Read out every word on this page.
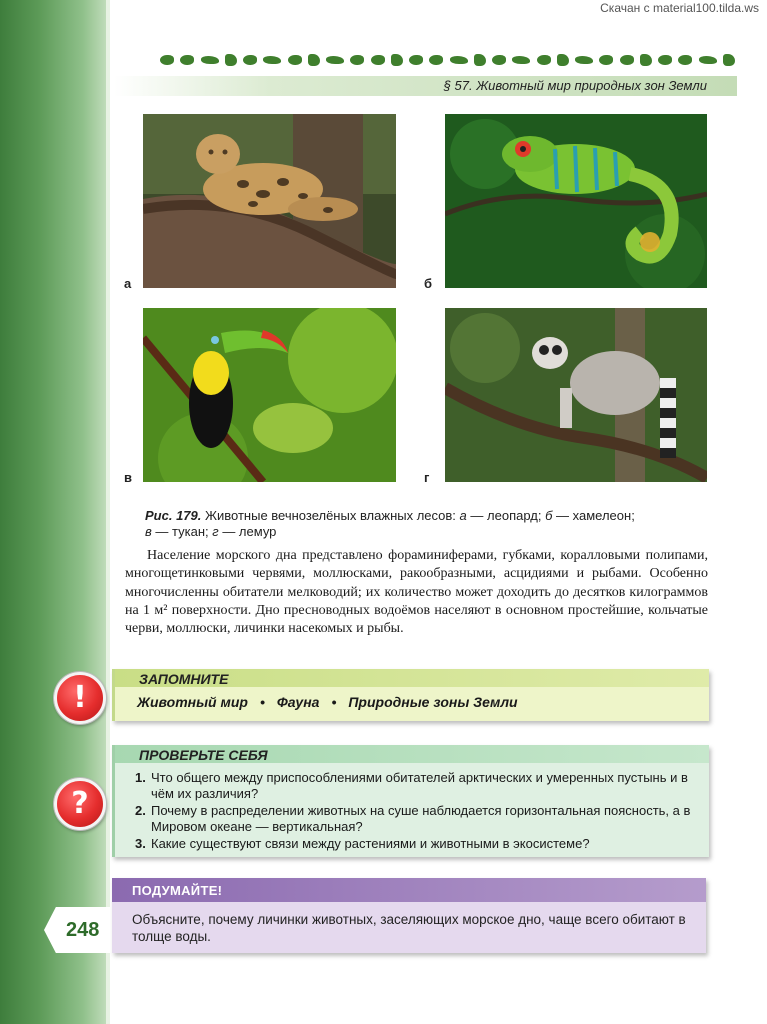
Скачан с material100.tilda.ws
§ 57. Животный мир природных зон Земли
а	б
в	г
Рис. 179. Животные вечнозелёных влажных лесов: а — леопард; б — хамелеон;
в — тукан; г — лемур

Население морского дна представлено фораминиферами, губками, коралловыми полипами, многощетинковыми червями, моллюсками, ракообразными, асцидиями и рыбами. Особенно многочисленны обитатели мелководий; их количество может доходить до десятков килограммов на 1 м² поверхности. Дно пресноводных водоёмов населяют в основном простейшие, кольчатые черви, моллюски, личинки насекомых и рыбы.

!
ЗАПОМНИТЕ
Животный мир • Фауна • Природные зоны Земли
?
ПРОВЕРЬТЕ СЕБЯ
1. Что общего между приспособлениями обитателей арктических и умеренных пустынь и в чём их различия?
2. Почему в распределении животных на суше наблюдается горизонтальная поясность, а в Мировом океане — вертикальная?
3. Какие существуют связи между растениями и животными в экосистеме?
ПОДУМАЙТЕ!
Объясните, почему личинки животных, заселяющих морское дно, чаще всего обитают в толще воды.
248
